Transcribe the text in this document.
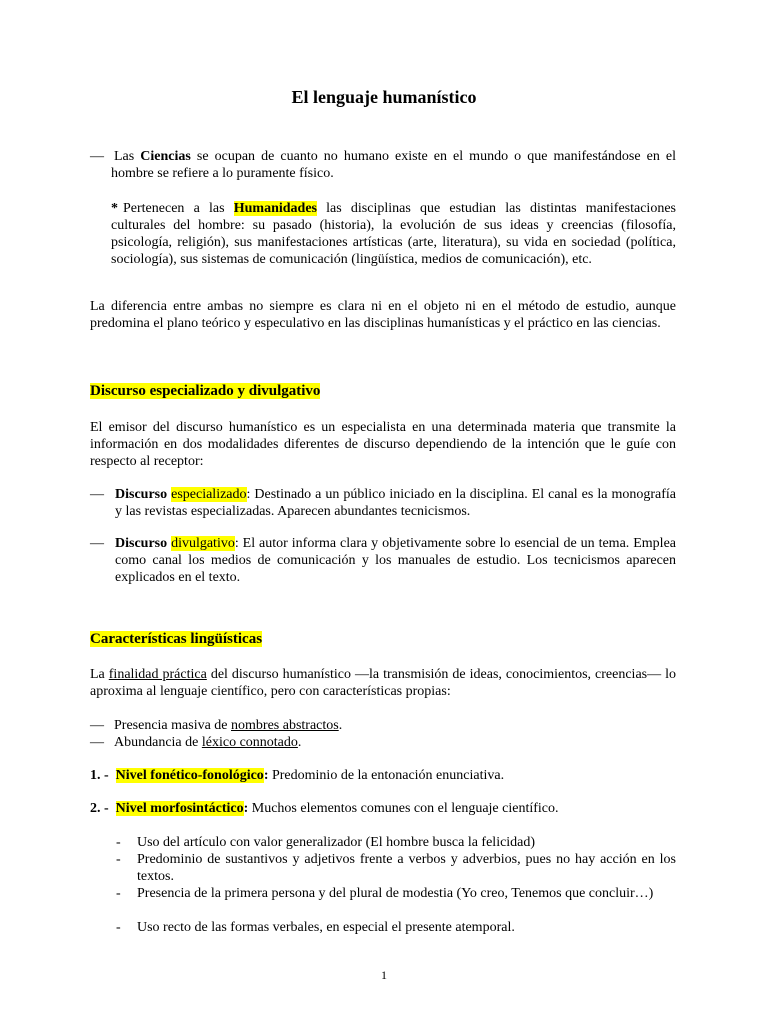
El lenguaje humanístico
— Las Ciencias se ocupan de cuanto no humano existe en el mundo o que manifestándose en el hombre se refiere a lo puramente físico.
* Pertenecen a las Humanidades las disciplinas que estudian las distintas manifestaciones culturales del hombre: su pasado (historia), la evolución de sus ideas y creencias (filosofía, psicología, religión), sus manifestaciones artísticas (arte, literatura), su vida en sociedad (política, sociología), sus sistemas de comunicación (lingüística, medios de comunicación), etc.
La diferencia entre ambas no siempre es clara ni en el objeto ni en el método de estudio, aunque predomina el plano teórico y especulativo en las disciplinas humanísticas y el práctico en las ciencias.
Discurso especializado y divulgativo
El emisor del discurso humanístico es un especialista en una determinada materia que transmite la información en dos modalidades diferentes de discurso dependiendo de la intención que le guíe con respecto al receptor:
— Discurso especializado: Destinado a un público iniciado en la disciplina. El canal es la monografía y las revistas especializadas. Aparecen abundantes tecnicismos.
— Discurso divulgativo: El autor informa clara y objetivamente sobre lo esencial de un tema. Emplea como canal los medios de comunicación y los manuales de estudio. Los tecnicismos aparecen explicados en el texto.
Características lingüísticas
La finalidad práctica del discurso humanístico —la transmisión de ideas, conocimientos, creencias— lo aproxima al lenguaje científico, pero con características propias:
— Presencia masiva de nombres abstractos.
— Abundancia de léxico connotado.
1. - Nivel fonético-fonológico: Predominio de la entonación enunciativa.
2. - Nivel morfosintáctico: Muchos elementos comunes con el lenguaje científico.
- Uso del artículo con valor generalizador (El hombre busca la felicidad)
- Predominio de sustantivos y adjetivos frente a verbos y adverbios, pues no hay acción en los textos.
- Presencia de la primera persona y del plural de modestia (Yo creo, Tenemos que concluir…)
- Uso recto de las formas verbales, en especial el presente atemporal.
1
